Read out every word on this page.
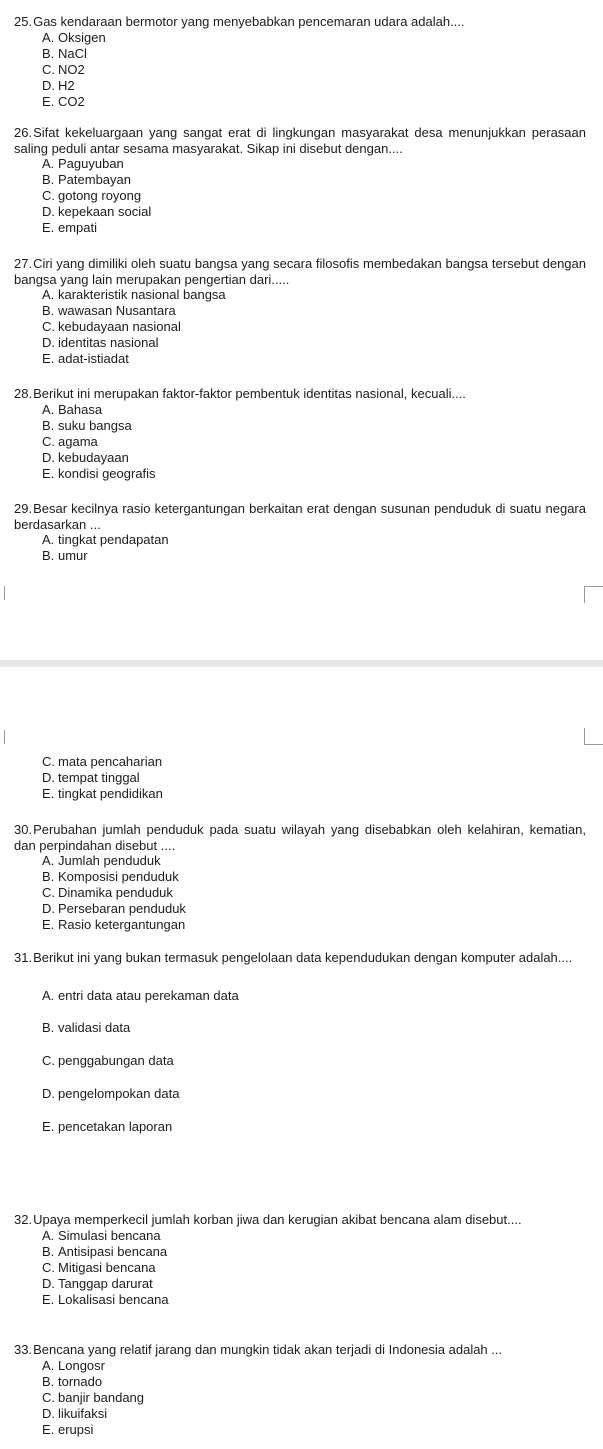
25.Gas kendaraan bermotor yang menyebabkan pencemaran udara adalah....

A. Oksigen
B. NaCl
C. NO2
D. H2
E. CO2

26.Sifat kekeluargaan yang sangat erat di lingkungan masyarakat desa menunjukkan perasaan saling peduli antar sesama masyarakat. Sikap ini disebut dengan....

A. Paguyuban
B. Patembayan
C. gotong royong
D. kepekaan social
E. empati

27.Ciri yang dimiliki oleh suatu bangsa yang secara filosofis membedakan bangsa tersebut dengan bangsa yang lain merupakan pengertian dari.....

A. karakteristik nasional bangsa
B. wawasan Nusantara
C. kebudayaan nasional
D. identitas nasional
E. adat-istiadat

28.Berikut ini merupakan faktor-faktor pembentuk identitas nasional, kecuali....

A. Bahasa
B. suku bangsa
C. agama
D. kebudayaan
E. kondisi geografis

29.Besar kecilnya rasio ketergantungan berkaitan erat dengan susunan penduduk di suatu negara berdasarkan ...

A. tingkat pendapatan
B. umur
C. mata pencaharian
D. tempat tinggal
E. tingkat pendidikan

30.Perubahan jumlah penduduk pada suatu wilayah yang disebabkan oleh kelahiran, kematian, dan perpindahan disebut ....

A. Jumlah penduduk
B. Komposisi penduduk
C. Dinamika penduduk
D. Persebaran penduduk
E. Rasio ketergantungan

31.Berikut ini yang bukan termasuk pengelolaan data kependudukan dengan komputer adalah....

A. entri data atau perekaman data
B. validasi data
C. penggabungan data
D. pengelompokan data
E. pencetakan laporan

32.Upaya memperkecil jumlah korban jiwa dan kerugian akibat bencana alam disebut....

A. Simulasi bencana
B. Antisipasi bencana
C. Mitigasi bencana
D. Tanggap darurat
E. Lokalisasi bencana

33.Bencana yang relatif jarang dan mungkin tidak akan terjadi di Indonesia adalah ...

A. Longosr
B. tornado
C. banjir bandang
D. likuifaksi
E. erupsi
